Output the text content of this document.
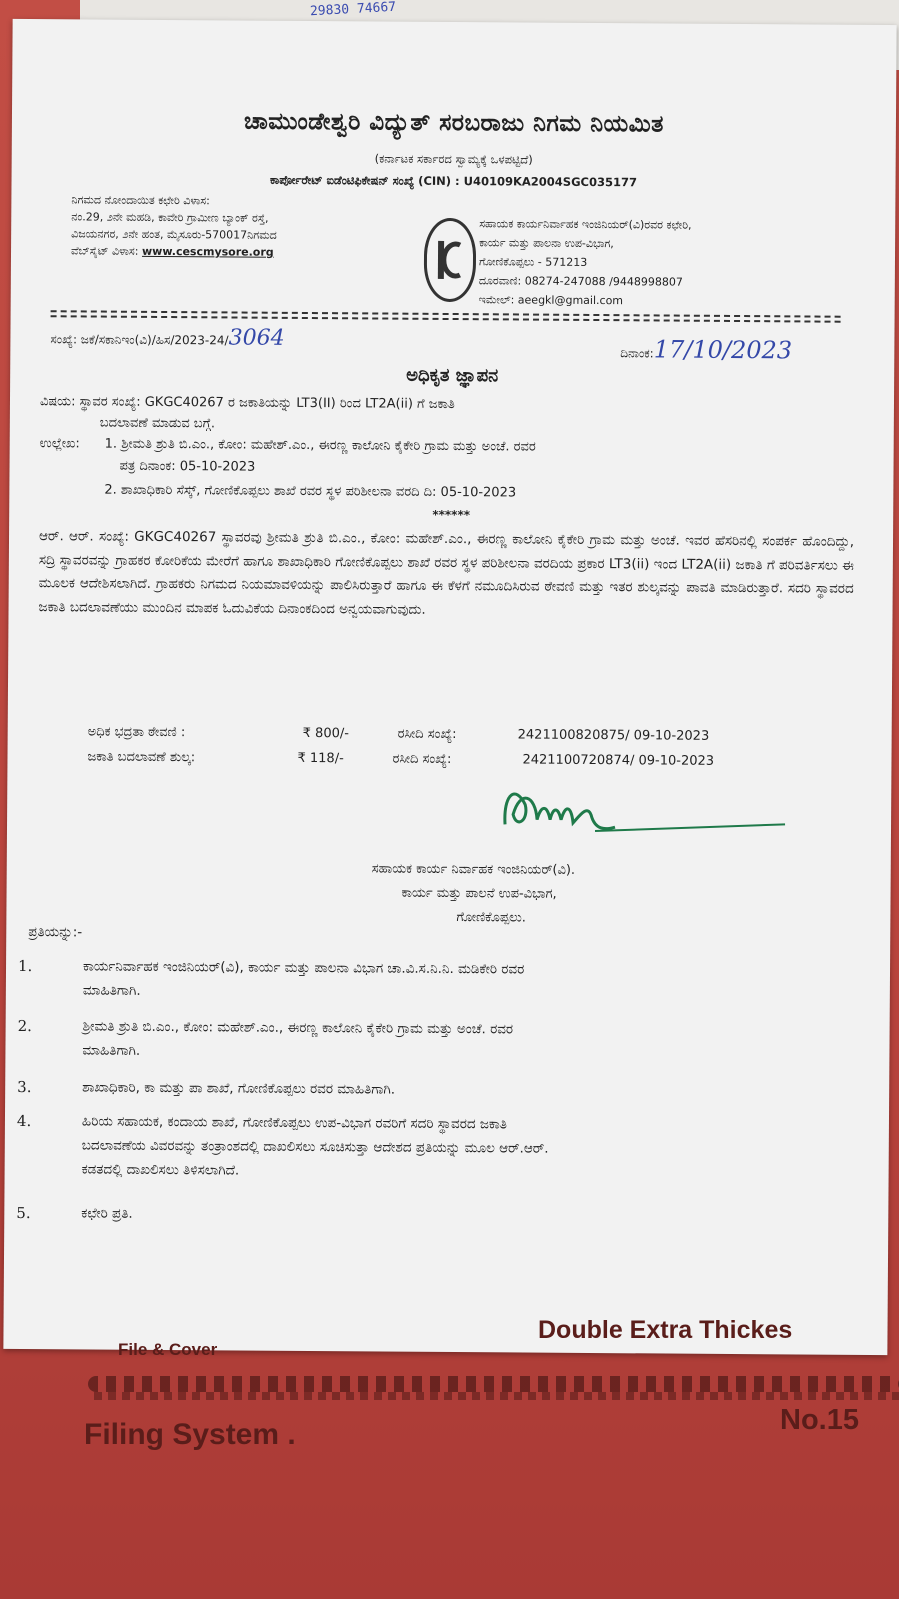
29830 74667
ಚಾಮುಂಡೇಶ್ವರಿ ವಿದ್ಯುತ್ ಸರಬರಾಜು ನಿಗಮ ನಿಯಮಿತ
(ಕರ್ನಾಟಕ ಸರ್ಕಾರದ ಸ್ವಾಮ್ಯಕ್ಕೆ ಒಳಪಟ್ಟಿದೆ)
ಕಾರ್ಪೋರೇಟ್ ಐಡೆಂಟಿಫಿಕೇಷನ್ ಸಂಖ್ಯೆ (CIN) : U40109KA2004SGC035177
ನಿಗಮದ ನೋಂದಾಯಿತ ಕಛೇರಿ ವಿಳಾಸ:
ನಂ.29, ೨ನೇ ಮಹಡಿ, ಕಾವೇರಿ ಗ್ರಾಮೀಣ ಬ್ಯಾಂಕ್ ರಸ್ತೆ,
ವಿಜಯನಗರ, ೨ನೇ ಹಂತ, ಮೈಸೂರು-570017ನಿಗಮದ
ವೆಬ್‌ಸೈಟ್ ವಿಳಾಸ: www.cescmysore.org
ಸಹಾಯಕ ಕಾರ್ಯನಿರ್ವಾಹಕ ಇಂಜಿನಿಯರ್(ವಿ)ರವರ ಕಛೇರಿ,
ಕಾರ್ಯ ಮತ್ತು ಪಾಲನಾ ಉಪ-ವಿಭಾಗ,
ಗೋಣಿಕೊಪ್ಪಲು - 571213
ದೂರವಾಣಿ: 08274-247088 /9448998807
ಇಮೇಲ್: aeegkl@gmail.com
ಸಂಖ್ಯೆ: ಜಕೆ/ಸಕಾನಿಇಂ(ವಿ)/ಹಿಸ/2023-24/3064
ದಿನಾಂಕ:17/10/2023
ಅಧಿಕೃತ ಜ್ಞಾಪನ
ವಿಷಯ: ಸ್ಥಾವರ ಸಂಖ್ಯೆ: GKGC40267 ರ ಜಕಾತಿಯನ್ನು LT3(II) ರಿಂದ LT2A(ii) ಗೆ ಜಕಾತಿ
ಬದಲಾವಣೆ ಮಾಡುವ ಬಗ್ಗೆ.
ಉಲ್ಲೇಖ: 1. ಶ್ರೀಮತಿ ಶ್ರುತಿ ಬಿ.ಎಂ., ಕೋಂ: ಮಹೇಶ್.ಎಂ., ಈರಣ್ಣ ಕಾಲೋನಿ ಕೈಕೇರಿ ಗ್ರಾಮ ಮತ್ತು ಅಂಚೆ. ರವರ
ಪತ್ರ ದಿನಾಂಕ: 05-10-2023
2. ಶಾಖಾಧಿಕಾರಿ ಸೆಸ್ಕ್, ಗೋಣಿಕೊಪ್ಪಲು ಶಾಖೆ ರವರ ಸ್ಥಳ ಪರಿಶೀಲನಾ ವರದಿ ದಿ: 05-10-2023
******
ಆರ್. ಆರ್. ಸಂಖ್ಯೆ: GKGC40267 ಸ್ಥಾವರವು ಶ್ರೀಮತಿ ಶ್ರುತಿ ಬಿ.ಎಂ., ಕೋಂ: ಮಹೇಶ್.ಎಂ., ಈರಣ್ಣ ಕಾಲೋನಿ ಕೈಕೇರಿ ಗ್ರಾಮ ಮತ್ತು ಅಂಚೆ. ಇವರ ಹೆಸರಿನಲ್ಲಿ ಸಂಪರ್ಕ ಹೊಂದಿದ್ದು, ಸದ್ರಿ ಸ್ಥಾವರವನ್ನು ಗ್ರಾಹಕರ ಕೋರಿಕೆಯ ಮೇರೆಗೆ ಹಾಗೂ ಶಾಖಾಧಿಕಾರಿ ಗೋಣಿಕೊಪ್ಪಲು ಶಾಖೆ ರವರ ಸ್ಥಳ ಪರಿಶೀಲನಾ ವರದಿಯ ಪ್ರಕಾರ LT3(ii) ಇಂದ LT2A(ii) ಜಕಾತಿ ಗೆ ಪರಿವರ್ತಿಸಲು ಈ ಮೂಲಕ ಆದೇಶಿಸಲಾಗಿದೆ. ಗ್ರಾಹಕರು ನಿಗಮದ ನಿಯಮಾವಳಿಯನ್ನು ಪಾಲಿಸಿರುತ್ತಾರೆ ಹಾಗೂ ಈ ಕೆಳಗೆ ನಮೂದಿಸಿರುವ ಠೇವಣಿ ಮತ್ತು ಇತರ ಶುಲ್ಕವನ್ನು ಪಾವತಿ ಮಾಡಿರುತ್ತಾರೆ. ಸದರಿ ಸ್ಥಾವರದ ಜಕಾತಿ ಬದಲಾವಣೆಯು ಮುಂದಿನ ಮಾಪಕ ಓದುವಿಕೆಯ ದಿನಾಂಕದಿಂದ ಅನ್ವಯವಾಗುವುದು.
ಅಧಿಕ ಭದ್ರತಾ ಠೇವಣಿ :	₹ 800/-	ರಸೀದಿ ಸಂಖ್ಯೆ:	2421100820875/ 09-10-2023
ಜಕಾತಿ ಬದಲಾವಣೆ ಶುಲ್ಕ:	₹ 118/-	ರಸೀದಿ ಸಂಖ್ಯೆ:	2421100720874/ 09-10-2023
ಸಹಾಯಕ ಕಾರ್ಯ ನಿರ್ವಾಹಕ ಇಂಜಿನಿಯರ್(ವಿ).
ಕಾರ್ಯ ಮತ್ತು ಪಾಲನೆ ಉಪ-ವಿಭಾಗ,
ಗೋಣಿಕೊಪ್ಪಲು.
ಪ್ರತಿಯನ್ನು:-
1.	ಕಾರ್ಯನಿರ್ವಾಹಕ ಇಂಜಿನಿಯರ್(ವಿ), ಕಾರ್ಯ ಮತ್ತು ಪಾಲನಾ ವಿಭಾಗ ಚಾ.ವಿ.ಸ.ನಿ.ನಿ. ಮಡಿಕೇರಿ ರವರ
ಮಾಹಿತಿಗಾಗಿ.
2.	ಶ್ರೀಮತಿ ಶ್ರುತಿ ಬಿ.ಎಂ., ಕೋಂ: ಮಹೇಶ್.ಎಂ., ಈರಣ್ಣ ಕಾಲೋನಿ ಕೈಕೇರಿ ಗ್ರಾಮ ಮತ್ತು ಅಂಚೆ. ರವರ
ಮಾಹಿತಿಗಾಗಿ.
3.	ಶಾಖಾಧಿಕಾರಿ, ಕಾ ಮತ್ತು ಪಾ ಶಾಖೆ, ಗೋಣಿಕೊಪ್ಪಲು ರವರ ಮಾಹಿತಿಗಾಗಿ.
4.	ಹಿರಿಯ ಸಹಾಯಕ, ಕಂದಾಯ ಶಾಖೆ, ಗೋಣಿಕೊಪ್ಪಲು ಉಪ-ವಿಭಾಗ ರವರಿಗೆ ಸದರಿ ಸ್ಥಾವರದ ಜಕಾತಿ
ಬದಲಾವಣೆಯ ವಿವರವನ್ನು ತಂತ್ರಾಂಶದಲ್ಲಿ ದಾಖಲಿಸಲು ಸೂಚಿಸುತ್ತಾ ಆದೇಶದ ಪ್ರತಿಯನ್ನು ಮೂಲ ಆರ್.ಆರ್.
ಕಡತದಲ್ಲಿ ದಾಖಲಿಸಲು ತಿಳಿಸಲಾಗಿದೆ.
5.	ಕಛೇರಿ ಪ್ರತಿ.
File & Cover
Double Extra Thickes
Filing System .	No.15
